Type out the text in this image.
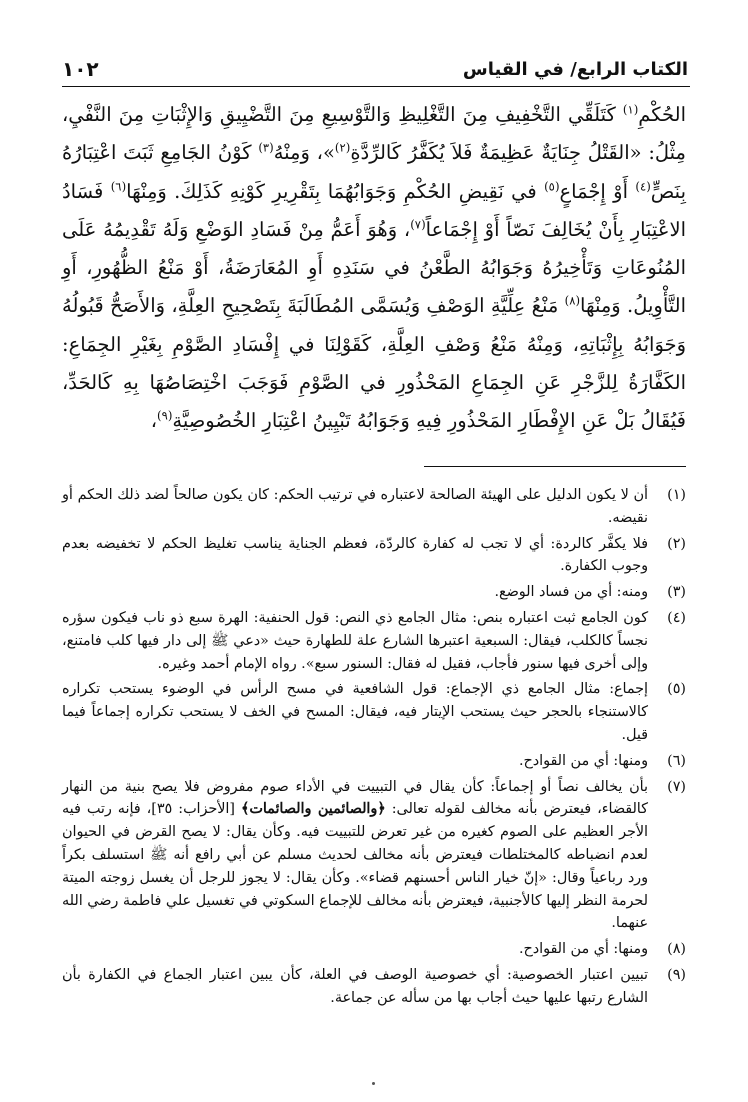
الكتاب الرابع/ في القياس
١٠٢

الحُكْمِ$^{(١)}$ كَتَلَقِّي التَّخْفِيفِ مِنَ التَّغْلِيظِ وَالتَّوْسِيعِ مِنَ التَّضْيِيقِ وَالإِثْبَاتِ مِنَ النَّفْيِ، مِثْلُ: «القَتْلُ جِنَايَةٌ عَظِيمَةٌ فَلاَ يُكَفَّرُ كَالرِّدَّةِ$^{(٢)}$»، وَمِنْهُ$^{(٣)}$ كَوْنُ الجَامِعِ ثَبَتَ اعْتِبَارُهُ بِنَصٍّ$^{(٤)}$ أَوْ إِجْمَاعٍ$^{(٥)}$ في نَقِيضِ الحُكْمِ وَجَوَابُهُمَا بِتَقْرِيرِ كَوْنِهِ كَذَلِكَ. وَمِنْهَا$^{(٦)}$ فَسَادُ الاعْتِبَارِ بِأَنْ يُخَالِفَ نَصّاً أَوْ إِجْمَاعاً$^{(٧)}$، وَهُوَ أَعَمُّ مِنْ فَسَادِ الوَضْعِ وَلَهُ تَقْدِيمُهُ عَلَى المُنُوعَاتِ وَتَأْخِيرُهُ وَجَوَابُهُ الطَّعْنُ في سَنَدِهِ أَوِ المُعَارَضَةُ، أَوْ مَنْعُ الظُّهُورِ، أَوِ التَّأْوِيلُ. وَمِنْهَا$^{(٨)}$ مَنْعُ عِلِّيَّةِ الوَصْفِ وَيُسَمَّى المُطَالَبَةَ بِتَصْحِيحِ العِلَّةِ، وَالأَصَحُّ قَبُولُهُ وَجَوَابُهُ بِإِثْبَاتِهِ، وَمِنْهُ مَنْعُ وَصْفِ العِلَّةِ، كَقَوْلِنَا في إِفْسَادِ الصَّوْمِ بِغَيْرِ الجِمَاعِ: الكَفَّارَةُ لِلزَّجْرِ عَنِ الجِمَاعِ المَحْذُورِ في الصَّوْمِ فَوَجَبَ اخْتِصَاصُهَا بِهِ كَالحَدِّ، فَيُقَالُ بَلْ عَنِ الإِفْطَارِ المَحْذُورِ فِيهِ وَجَوَابُهُ تَبْيِينُ اعْتِبَارِ الخُصُوصِيَّةِ$^{(٩)}$،

(١)
أن لا يكون الدليل على الهيئة الصالحة لاعتباره في ترتيب الحكم: كان يكون صالحاً لضد ذلك الحكم أو نقيضه.
(٢)
فلا يكفَّر كالردة: أي لا تجب له كفارة كالردّة، فعظم الجناية يناسب تغليظ الحكم لا تخفيضه بعدم وجوب الكفارة.
(٣)
ومنه: أي من فساد الوضع.
(٤)
كون الجامع ثبت اعتباره بنص: مثال الجامع ذي النص: قول الحنفية: الهرة سبع ذو ناب فيكون سؤره نجساً كالكلب، فيقال: السبعية اعتبرها الشارع علة للطهارة حيث «دعي ﷺ إلى دار فيها كلب فامتنع، وإلى أخرى فيها سنور فأجاب، فقيل له فقال: السنور سبع». رواه الإمام أحمد وغيره.
(٥)
إجماع: مثال الجامع ذي الإجماع: قول الشافعية في مسح الرأس في الوضوء يستحب تكراره كالاستنجاء بالحجر حيث يستحب الإيتار فيه، فيقال: المسح في الخف لا يستحب تكراره إجماعاً فيما قيل.
(٦)
ومنها: أي من القوادح.
(٧)
بأن يخالف نصاً أو إجماعاً: كأن يقال في التبييت في الأداء صوم مفروض فلا يصح بنية من النهار كالقضاء، فيعترض بأنه مخالف لقوله تعالى: ﴿والصائمين والصائمات﴾ [الأحزاب: ٣٥]، فإنه رتب فيه الأجر العظيم على الصوم كغيره من غير تعرض للتبييت فيه. وكأن يقال: لا يصح القرض في الحيوان لعدم انضباطه كالمختلطات فيعترض بأنه مخالف لحديث مسلم عن أبي رافع أنه ﷺ استسلف بكراً ورد رباعياً وقال: «إنّ خيار الناس أحسنهم قضاء». وكأن يقال: لا يجوز للرجل أن يغسل زوجته الميتة لحرمة النظر إليها كالأجنبية، فيعترض بأنه مخالف للإجماع السكوتي في تغسيل علي فاطمة رضي الله عنهما.
(٨)
ومنها: أي من القوادح.
(٩)
تبيين اعتبار الخصوصية: أي خصوصية الوصف في العلة، كأن يبين اعتبار الجماع في الكفارة بأن الشارع رتبها عليها حيث أجاب بها من سأله عن جماعة.
